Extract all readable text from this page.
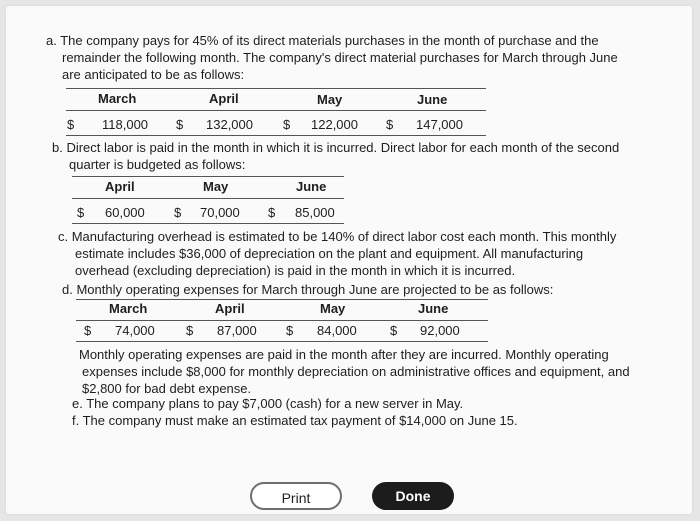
a. The company pays for 45% of its direct materials purchases in the month of purchase and the
remainder the following month. The company's direct material purchases for March through June
are anticipated to be as follows:
March	April	May	June
$ 118,000 $ 132,000 $ 122,000 $ 147,000
b. Direct labor is paid in the month in which it is incurred. Direct labor for each month of the second
quarter is budgeted as follows:
April	May	June
$ 60,000 $ 70,000 $ 85,000
c. Manufacturing overhead is estimated to be 140% of direct labor cost each month. This monthly
estimate includes $36,000 of depreciation on the plant and equipment. All manufacturing
overhead (excluding depreciation) is paid in the month in which it is incurred.
d. Monthly operating expenses for March through June are projected to be as follows:
March	April	May	June
$ 74,000 $ 87,000 $ 84,000	$ 92,000
Monthly operating expenses are paid in the month after they are incurred. Monthly operating
expenses include $8,000 for monthly depreciation on administrative offices and equipment, and
$2,800 for bad debt expense.
e. The company plans to pay $7,000 (cash) for a new server in May.
f. The company must make an estimated tax payment of $14,000 on June 15.
Print	Done
